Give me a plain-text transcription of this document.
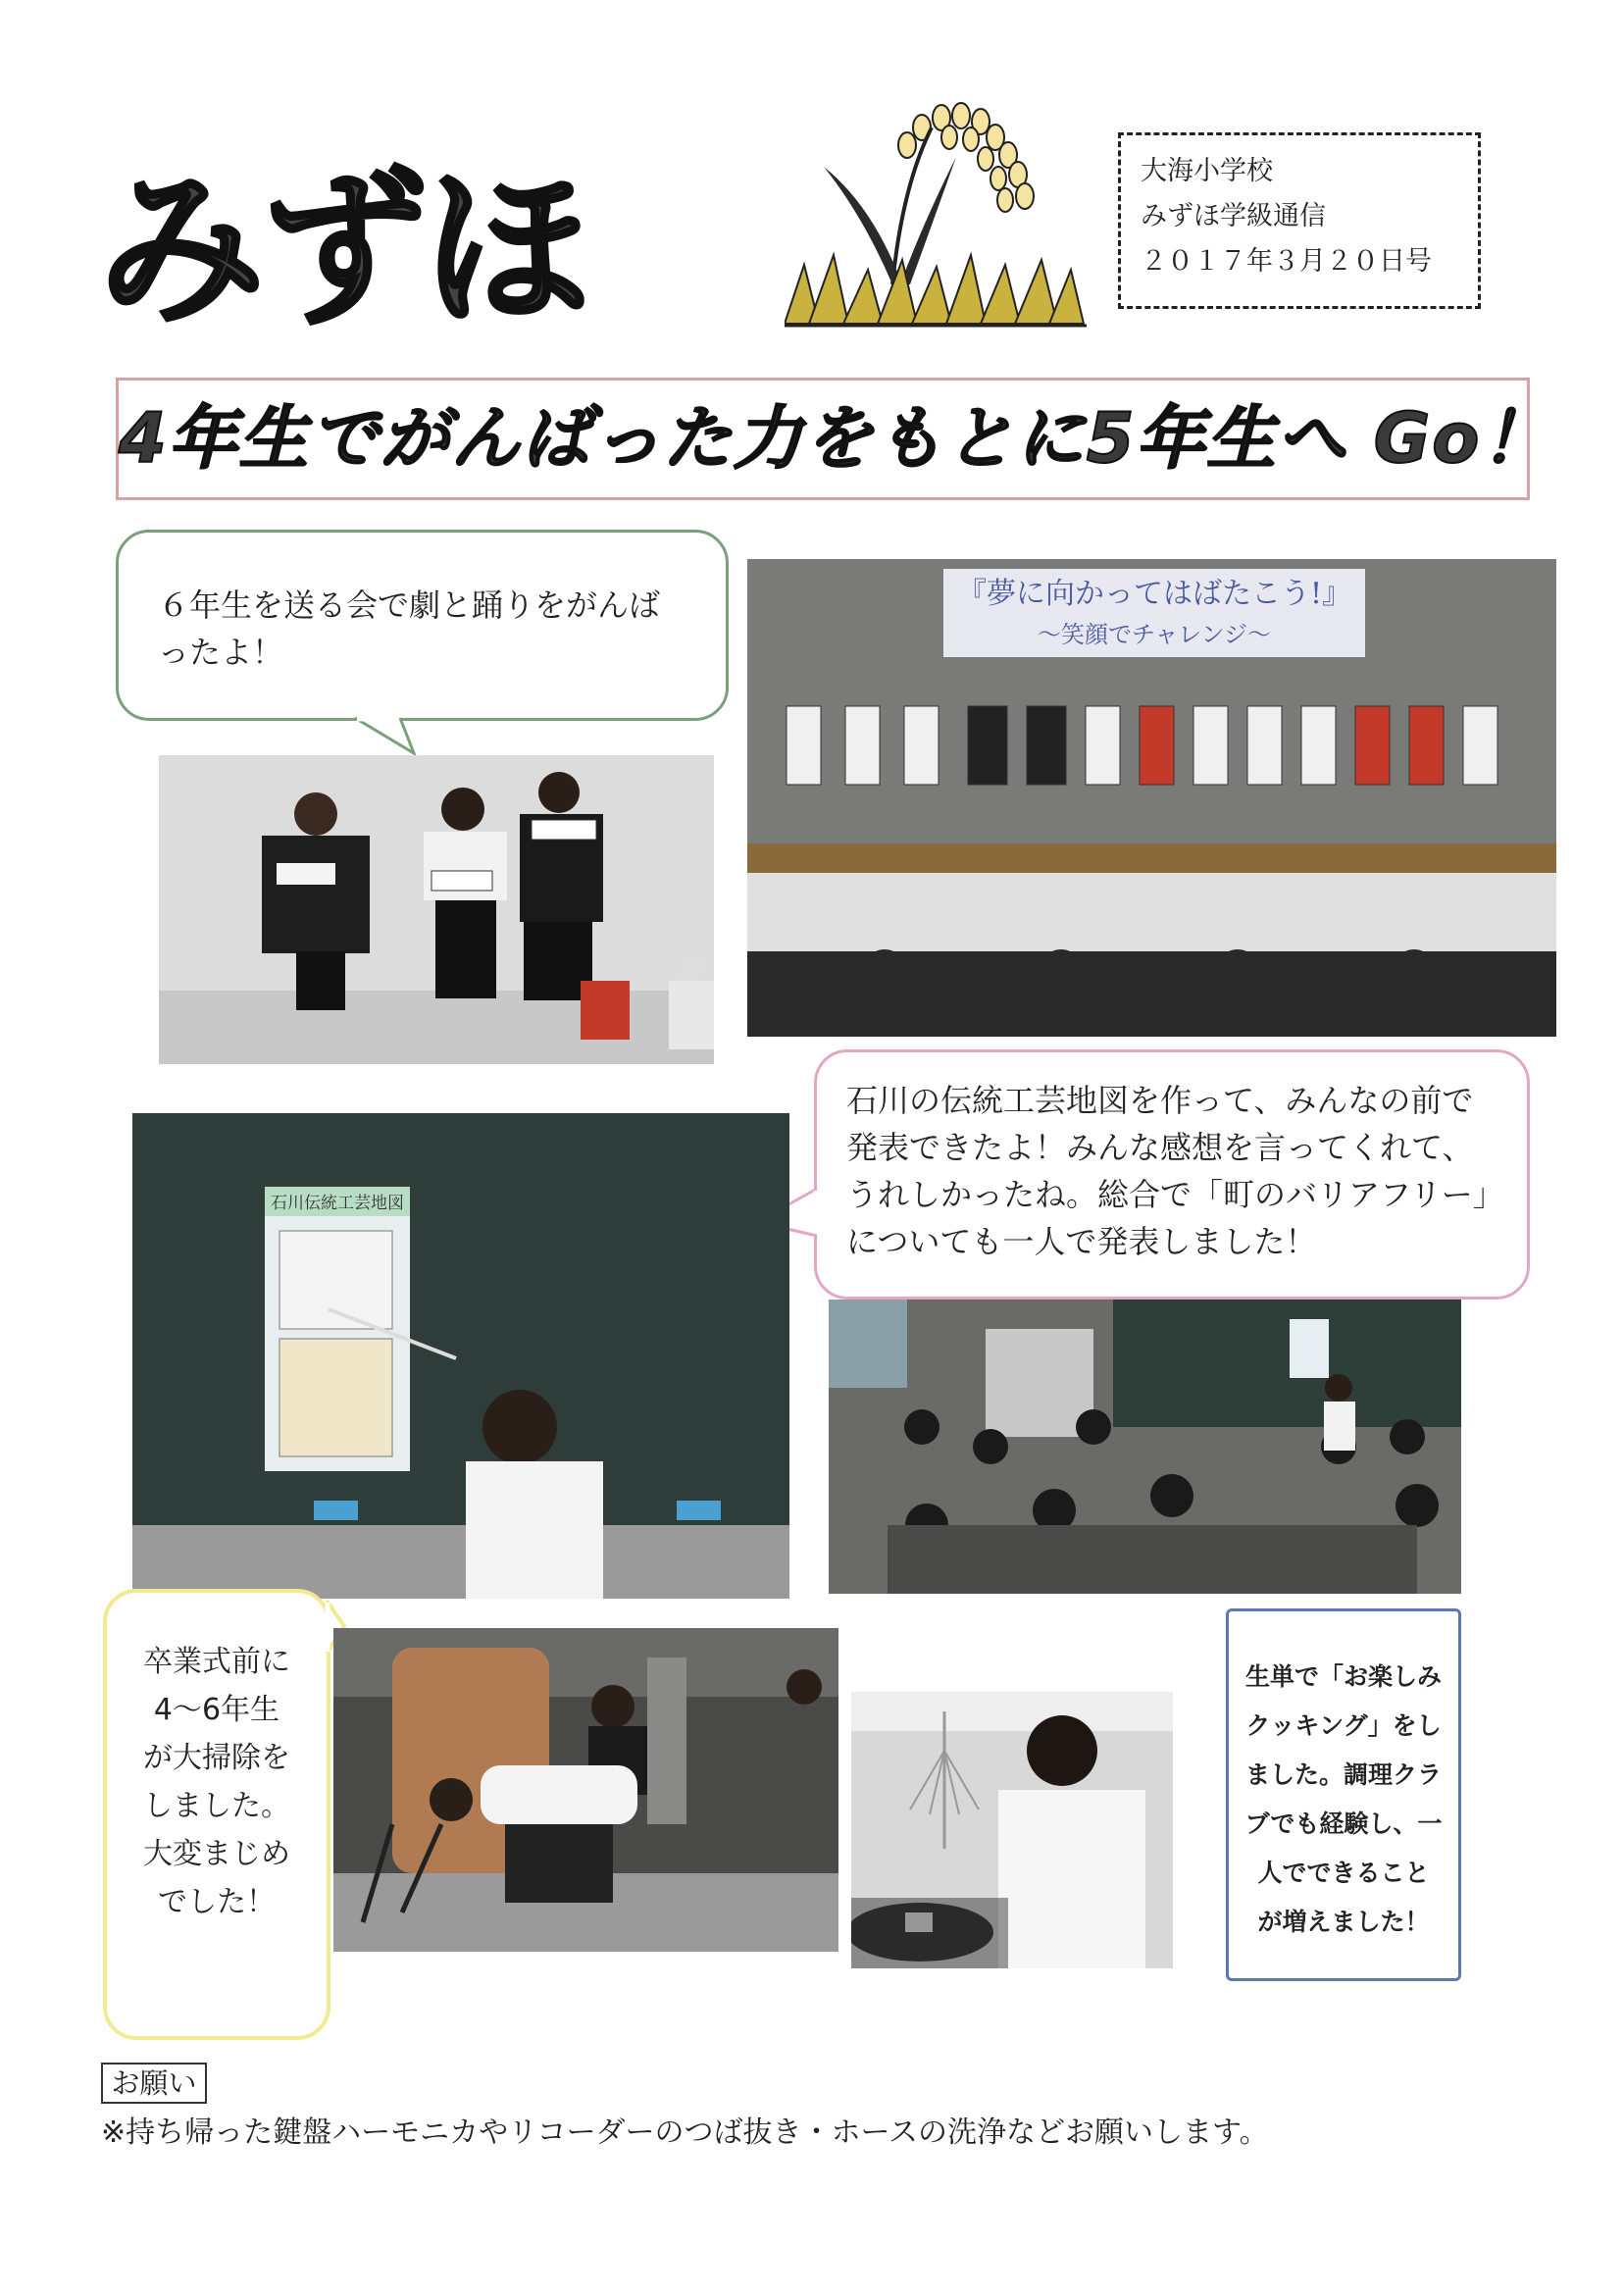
みずほ	大海小学校
みずほ学級通信
２０１７年３月２０日号
4年生でがんばった力をもとに5年生へ Go！
６年生を送る会で劇と踊りをがんばったよ！
『夢に向かってはばたこう!』
～笑顔でチャレンジ～
石川の伝統工芸地図を作って、みんなの前で発表できたよ！みんな感想を言ってくれて、うれしかったね。総合で「町のバリアフリー」についても一人で発表しました！
石川伝統工芸地図
卒業式前に
4～6年生
が大掃除を
しました。
大変まじめ
でした！
生単で「お楽しみ
クッキング」をし
ました。調理クラ
ブでも経験し、一
人でできること
が増えました！
お願い
※持ち帰った鍵盤ハーモニカやリコーダーのつば抜き・ホースの洗浄などお願いします。
